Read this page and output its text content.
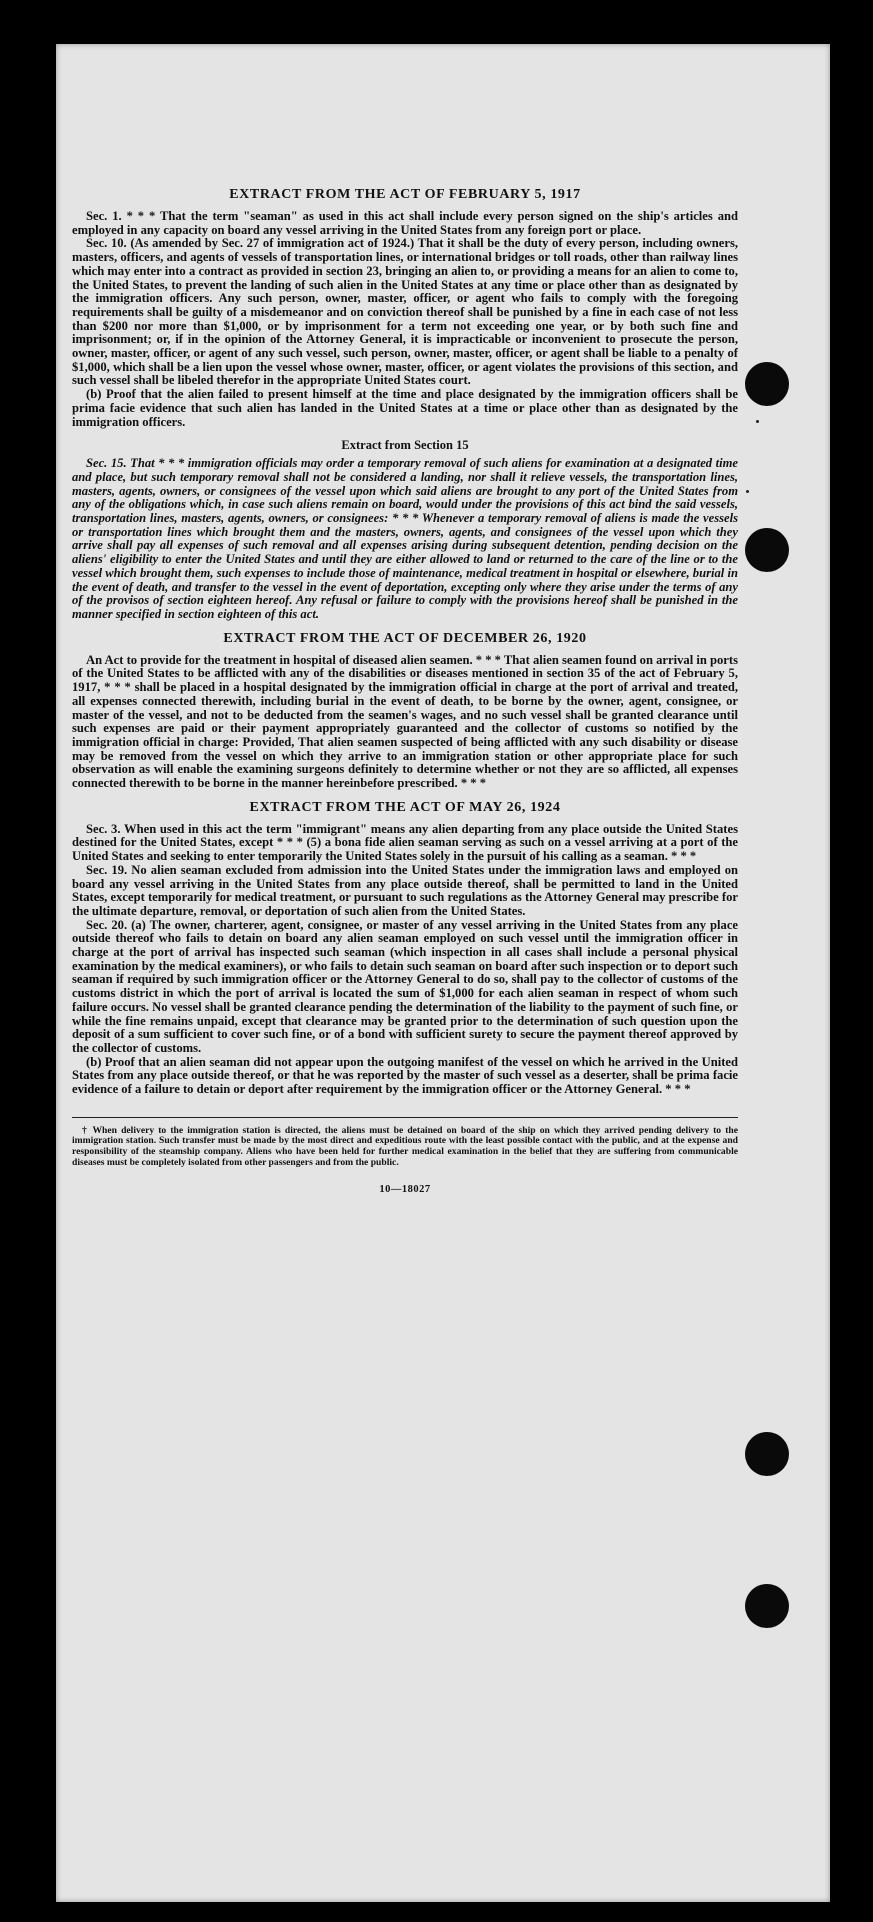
EXTRACT FROM THE ACT OF FEBRUARY 5, 1917

Sec. 1. * * * That the term "seaman" as used in this act shall include every person signed on the ship's articles and employed in any capacity on board any vessel arriving in the United States from any foreign port or place.

Sec. 10. (As amended by Sec. 27 of immigration act of 1924.) That it shall be the duty of every person, including owners, masters, officers, and agents of vessels of transportation lines, or international bridges or toll roads, other than railway lines which may enter into a contract as provided in section 23, bringing an alien to, or providing a means for an alien to come to, the United States, to prevent the landing of such alien in the United States at any time or place other than as designated by the immigration officers. Any such person, owner, master, officer, or agent who fails to comply with the foregoing requirements shall be guilty of a misdemeanor and on conviction thereof shall be punished by a fine in each case of not less than $200 nor more than $1,000, or by imprisonment for a term not exceeding one year, or by both such fine and imprisonment; or, if in the opinion of the Attorney General, it is impracticable or inconvenient to prosecute the person, owner, master, officer, or agent of any such vessel, such person, owner, master, officer, or agent shall be liable to a penalty of $1,000, which shall be a lien upon the vessel whose owner, master, officer, or agent violates the provisions of this section, and such vessel shall be libeled therefor in the appropriate United States court.

(b) Proof that the alien failed to present himself at the time and place designated by the immigration officers shall be prima facie evidence that such alien has landed in the United States at a time or place other than as designated by the immigration officers.

Extract from Section 15

Sec. 15. That * * * immigration officials may order a temporary removal of such aliens for examination at a designated time and place, but such temporary removal shall not be considered a landing, nor shall it relieve vessels, the transportation lines, masters, agents, owners, or consignees of the vessel upon which said aliens are brought to any port of the United States from any of the obligations which, in case such aliens remain on board, would under the provisions of this act bind the said vessels, transportation lines, masters, agents, owners, or consignees: * * * Whenever a temporary removal of aliens is made the vessels or transportation lines which brought them and the masters, owners, agents, and consignees of the vessel upon which they arrive shall pay all expenses of such removal and all expenses arising during subsequent detention, pending decision on the aliens' eligibility to enter the United States and until they are either allowed to land or returned to the care of the line or to the vessel which brought them, such expenses to include those of maintenance, medical treatment in hospital or elsewhere, burial in the event of death, and transfer to the vessel in the event of deportation, excepting only where they arise under the terms of any of the provisos of section eighteen hereof. Any refusal or failure to comply with the provisions hereof shall be punished in the manner specified in section eighteen of this act.

EXTRACT FROM THE ACT OF DECEMBER 26, 1920

An Act to provide for the treatment in hospital of diseased alien seamen. * * * That alien seamen found on arrival in ports of the United States to be afflicted with any of the disabilities or diseases mentioned in section 35 of the act of February 5, 1917, * * * shall be placed in a hospital designated by the immigration official in charge at the port of arrival and treated, all expenses connected therewith, including burial in the event of death, to be borne by the owner, agent, consignee, or master of the vessel, and not to be deducted from the seamen's wages, and no such vessel shall be granted clearance until such expenses are paid or their payment appropriately guaranteed and the collector of customs so notified by the immigration official in charge: Provided, That alien seamen suspected of being afflicted with any such disability or disease may be removed from the vessel on which they arrive to an immigration station or other appropriate place for such observation as will enable the examining surgeons definitely to determine whether or not they are so afflicted, all expenses connected therewith to be borne in the manner hereinbefore prescribed. * * *

EXTRACT FROM THE ACT OF MAY 26, 1924

Sec. 3. When used in this act the term "immigrant" means any alien departing from any place outside the United States destined for the United States, except * * * (5) a bona fide alien seaman serving as such on a vessel arriving at a port of the United States and seeking to enter temporarily the United States solely in the pursuit of his calling as a seaman. * * *

Sec. 19. No alien seaman excluded from admission into the United States under the immigration laws and employed on board any vessel arriving in the United States from any place outside thereof, shall be permitted to land in the United States, except temporarily for medical treatment, or pursuant to such regulations as the Attorney General may prescribe for the ultimate departure, removal, or deportation of such alien from the United States.

Sec. 20. (a) The owner, charterer, agent, consignee, or master of any vessel arriving in the United States from any place outside thereof who fails to detain on board any alien seaman employed on such vessel until the immigration officer in charge at the port of arrival has inspected such seaman (which inspection in all cases shall include a personal physical examination by the medical examiners), or who fails to detain such seaman on board after such inspection or to deport such seaman if required by such immigration officer or the Attorney General to do so, shall pay to the collector of customs of the customs district in which the port of arrival is located the sum of $1,000 for each alien seaman in respect of whom such failure occurs. No vessel shall be granted clearance pending the determination of the liability to the payment of such fine, or while the fine remains unpaid, except that clearance may be granted prior to the determination of such question upon the deposit of a sum sufficient to cover such fine, or of a bond with sufficient surety to secure the payment thereof approved by the collector of customs.

(b) Proof that an alien seaman did not appear upon the outgoing manifest of the vessel on which he arrived in the United States from any place outside thereof, or that he was reported by the master of such vessel as a deserter, shall be prima facie evidence of a failure to detain or deport after requirement by the immigration officer or the Attorney General. * * *

† When delivery to the immigration station is directed, the aliens must be detained on board of the ship on which they arrived pending delivery to the immigration station. Such transfer must be made by the most direct and expeditious route with the least possible contact with the public, and at the expense and responsibility of the steamship company. Aliens who have been held for further medical examination in the belief that they are suffering from communicable diseases must be completely isolated from other passengers and from the public.

10—18027
